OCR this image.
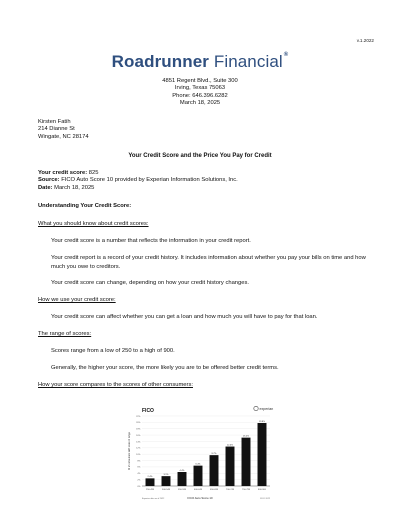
v.1.2022
Roadrunner Financial®
4851 Regent Blvd., Suite 300
Irving, Texas 75063
Phone: 646.396.6282
March 18, 2025
Kirsten Fatih
214 Dianne St
Wingate, NC 28174
Your Credit Score and the Price You Pay for Credit
Your credit score: 825
Source: FICO Auto Score 10 provided by Experian Information Solutions, Inc.
Date: March 18, 2025
Understanding Your Credit Score:
What you should know about credit scores:
Your credit score is a number that reflects the information in your credit report.
Your credit report is a record of your credit history. It includes information about whether you pay your bills on time and how much you owe to creditors.
Your credit score can change, depending on how your credit history changes.
How we use your credit score:
Your credit score can affect whether you can get a loan and how much you will have to pay for that loan.
The range of scores:
Scores range from a low of 250 to a high of 900.
Generally, the higher your score, the more likely you are to be offered better credit terms.
How your score compares to the scores of other consumers:
FICO	experian
% of consumers with score in range
0%
2%
4%
6%
8%
10%
12%
14%
16%
18%
20%
22%
2.4%
3.1%
4.4%
6.4%
9.7%
12.4%
15.2%
19.8%
250-499	500-549	550-599	600-649	650-699	700-749	750-799	800-900
FICO Auto Score 10
Experian data as of 2022	FICO 2022
